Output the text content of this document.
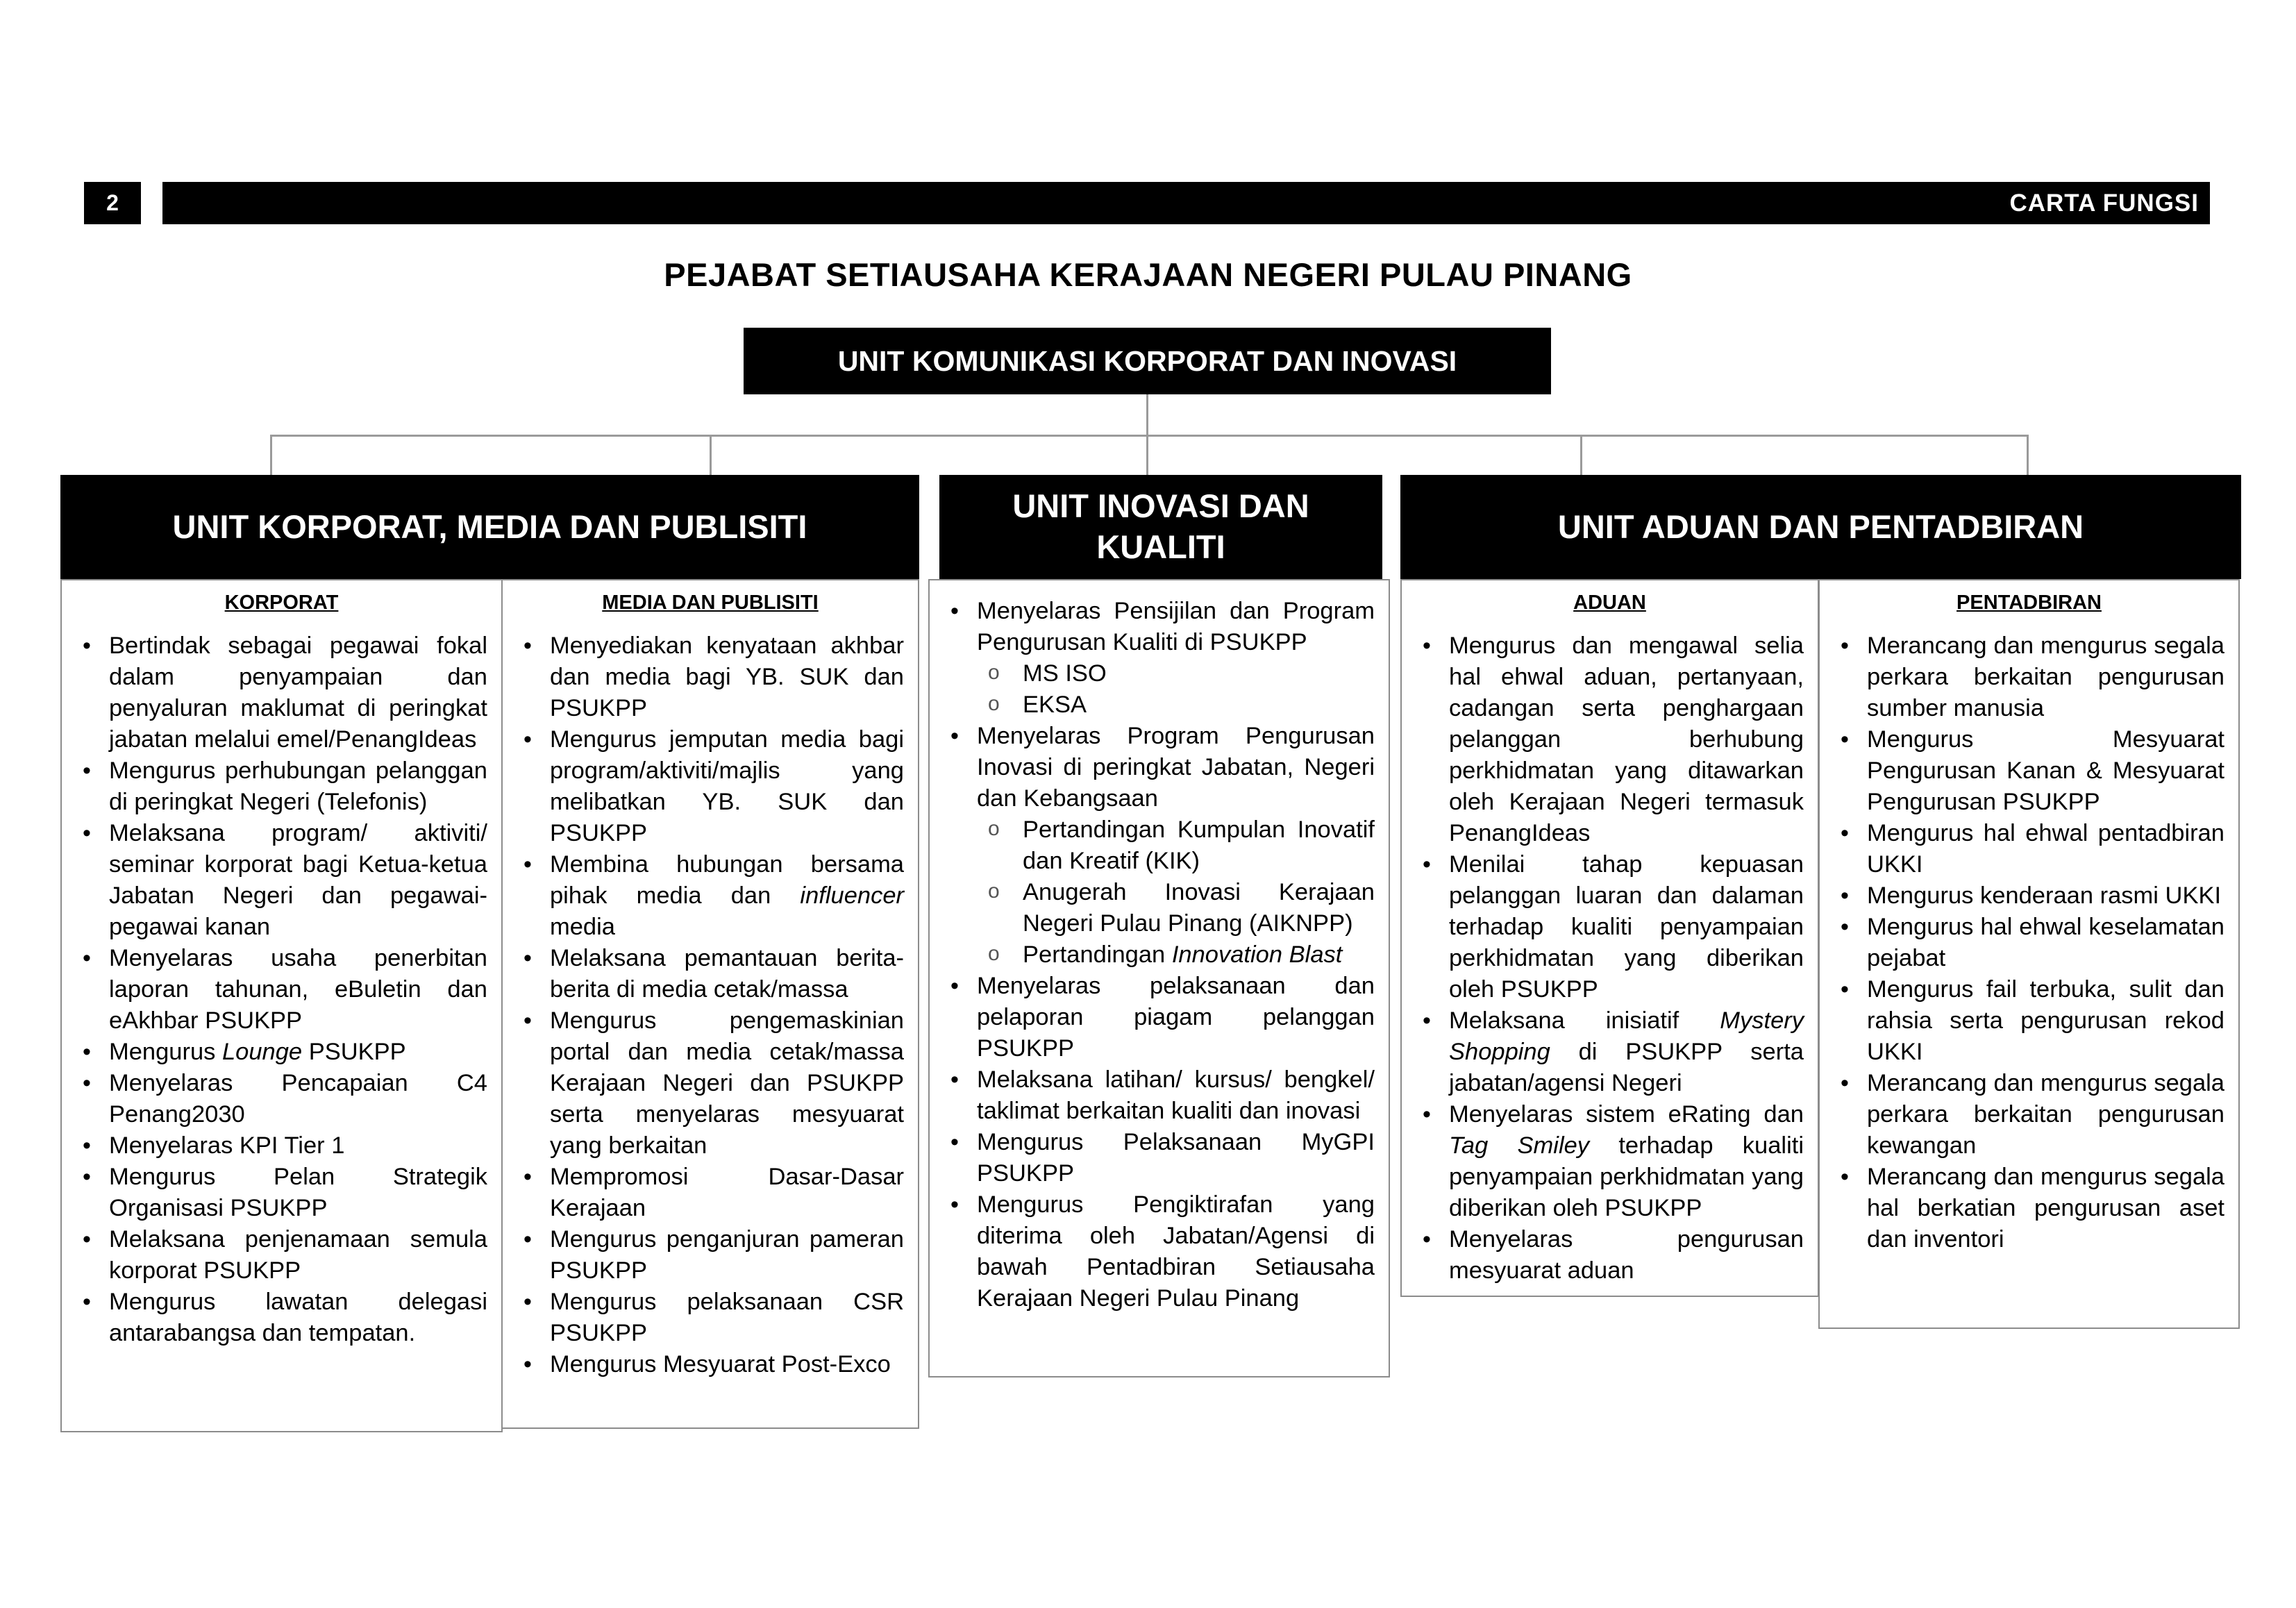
2	CARTA FUNGSI
PEJABAT SETIAUSAHA KERAJAAN NEGERI PULAU PINANG
UNIT KOMUNIKASI KORPORAT DAN INOVASI
UNIT KORPORAT, MEDIA DAN PUBLISITI
UNIT INOVASI DAN KUALITI
UNIT ADUAN DAN PENTADBIRAN
KORPORAT
• Bertindak sebagai pegawai fokal dalam penyampaian dan penyaluran maklumat di peringkat jabatan melalui emel/PenangIdeas
• Mengurus perhubungan pelanggan di peringkat Negeri (Telefonis)
• Melaksana program/ aktiviti/ seminar korporat bagi Ketua-ketua Jabatan Negeri dan pegawai-pegawai kanan
• Menyelaras usaha penerbitan laporan tahunan, eBuletin dan eAkhbar PSUKPP
• Mengurus Lounge PSUKPP
• Menyelaras Pencapaian C4 Penang2030
• Menyelaras KPI Tier 1
• Mengurus Pelan Strategik Organisasi PSUKPP
• Melaksana penjenamaan semula korporat PSUKPP
• Mengurus lawatan delegasi antarabangsa dan tempatan.
MEDIA DAN PUBLISITI
• Menyediakan kenyataan akhbar dan media bagi YB. SUK dan PSUKPP
• Mengurus jemputan media bagi program/aktiviti/majlis yang melibatkan YB. SUK dan PSUKPP
• Membina hubungan bersama pihak media dan influencer media
• Melaksana pemantauan berita-berita di media cetak/massa
• Mengurus pengemaskinian portal dan media cetak/massa Kerajaan Negeri dan PSUKPP serta menyelaras mesyuarat yang berkaitan
• Mempromosi Dasar-Dasar Kerajaan
• Mengurus penganjuran pameran PSUKPP
• Mengurus pelaksanaan CSR PSUKPP
• Mengurus Mesyuarat Post-Exco
• Menyelaras Pensijilan dan Program Pengurusan Kualiti di PSUKPP
o MS ISO
o EKSA
• Menyelaras Program Pengurusan Inovasi di peringkat Jabatan, Negeri dan Kebangsaan
o Pertandingan Kumpulan Inovatif dan Kreatif (KIK)
o Anugerah Inovasi Kerajaan Negeri Pulau Pinang (AIKNPP)
o Pertandingan Innovation Blast
• Menyelaras pelaksanaan dan pelaporan piagam pelanggan PSUKPP
• Melaksana latihan/ kursus/ bengkel/ taklimat berkaitan kualiti dan inovasi
• Mengurus Pelaksanaan MyGPI PSUKPP
• Mengurus Pengiktirafan yang diterima oleh Jabatan/Agensi di bawah Pentadbiran Setiausaha Kerajaan Negeri Pulau Pinang
ADUAN
• Mengurus dan mengawal selia hal ehwal aduan, pertanyaan, cadangan serta penghargaan pelanggan berhubung perkhidmatan yang ditawarkan oleh Kerajaan Negeri termasuk PenangIdeas
• Menilai tahap kepuasan pelanggan luaran dan dalaman terhadap kualiti penyampaian perkhidmatan yang diberikan oleh PSUKPP
• Melaksana inisiatif Mystery Shopping di PSUKPP serta jabatan/agensi Negeri
• Menyelaras sistem eRating dan Tag Smiley terhadap kualiti penyampaian perkhidmatan yang diberikan oleh PSUKPP
• Menyelaras pengurusan mesyuarat aduan
PENTADBIRAN
• Merancang dan mengurus segala perkara berkaitan pengurusan sumber manusia
• Mengurus Mesyuarat Pengurusan Kanan & Mesyuarat Pengurusan PSUKPP
• Mengurus hal ehwal pentadbiran UKKI
• Mengurus kenderaan rasmi UKKI
• Mengurus hal ehwal keselamatan pejabat
• Mengurus fail terbuka, sulit dan rahsia serta pengurusan rekod UKKI
• Merancang dan mengurus segala perkara berkaitan pengurusan kewangan
• Merancang dan mengurus segala hal berkatian pengurusan aset dan inventori
